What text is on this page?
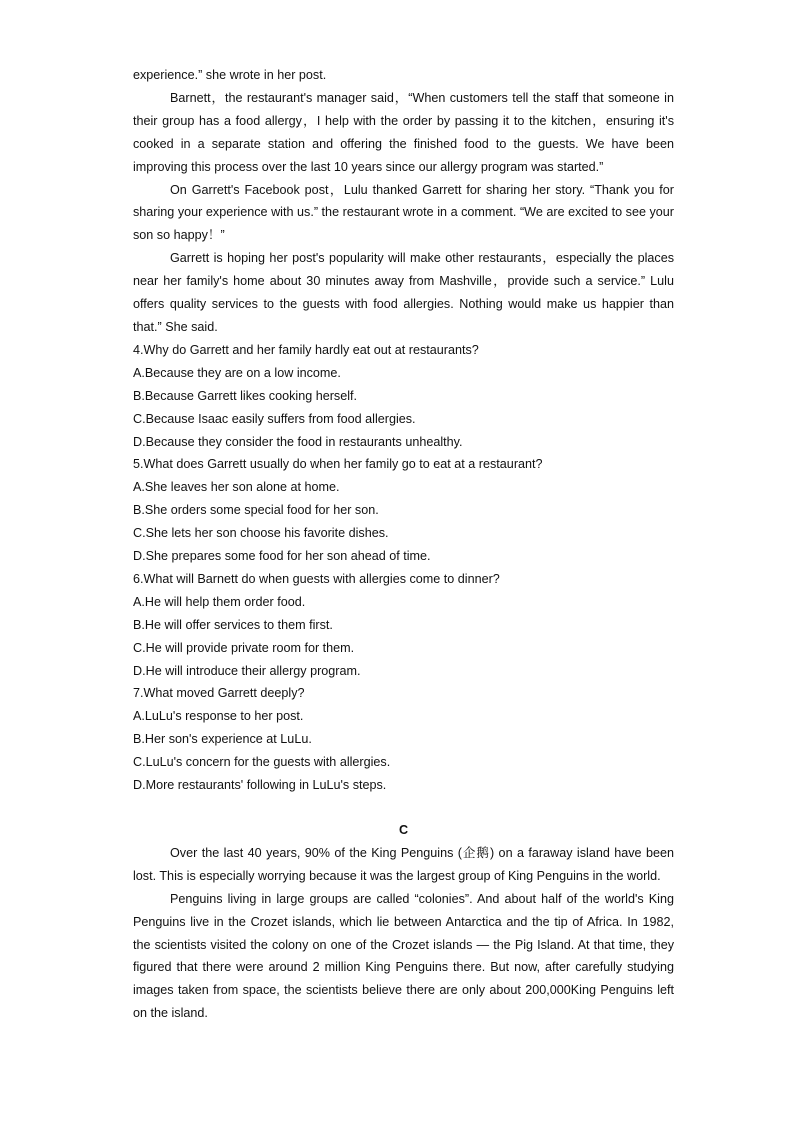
experience.” she wrote in her post.

Barnett，the restaurant's manager said，“When customers tell the staff that someone in their group has a food allergy，I help with the order by passing it to the kitchen，ensuring it's cooked in a separate station and offering the finished food to the guests. We have been improving this process over the last 10 years since our allergy program was started.”

On Garrett's Facebook post，Lulu thanked Garrett for sharing her story. “Thank you for sharing your experience with us.” the restaurant wrote in a comment. “We are excited to see your son so happy！”

Garrett is hoping her post's popularity will make other restaurants，especially the places near her family's home about 30 minutes away from Mashville，provide such a service.” Lulu offers quality services to the guests with food allergies. Nothing would make us happier than that.” She said.

4.Why do Garrett and her family hardly eat out at restaurants?

A.Because they are on a low income.

B.Because Garrett likes cooking herself.

C.Because Isaac easily suffers from food allergies.

D.Because they consider the food in restaurants unhealthy.

5.What does Garrett usually do when her family go to eat at a restaurant?

A.She leaves her son alone at home.

B.She orders some special food for her son.

C.She lets her son choose his favorite dishes.

D.She prepares some food for her son ahead of time.

6.What will Barnett do when guests with allergies come to dinner?

A.He will help them order food.

B.He will offer services to them first.

C.He will provide private room for them.

D.He will introduce their allergy program.

7.What moved Garrett deeply?

A.LuLu's response to her post.

B.Her son's experience at LuLu.

C.LuLu's concern for the guests with allergies.

D.More restaurants' following in LuLu's steps.

C

Over the last 40 years, 90% of the King Penguins (企鹅) on a faraway island have been lost. This is especially worrying because it was the largest group of King Penguins in the world.

Penguins living in large groups are called “colonies”. And about half of the world's King Penguins live in the Crozet islands, which lie between Antarctica and the tip of Africa. In 1982, the scientists visited the colony on one of the Crozet islands — the Pig Island. At that time, they figured that there were around 2 million King Penguins there. But now, after carefully studying images taken from space, the scientists believe there are only about 200,000King Penguins left on the island.
